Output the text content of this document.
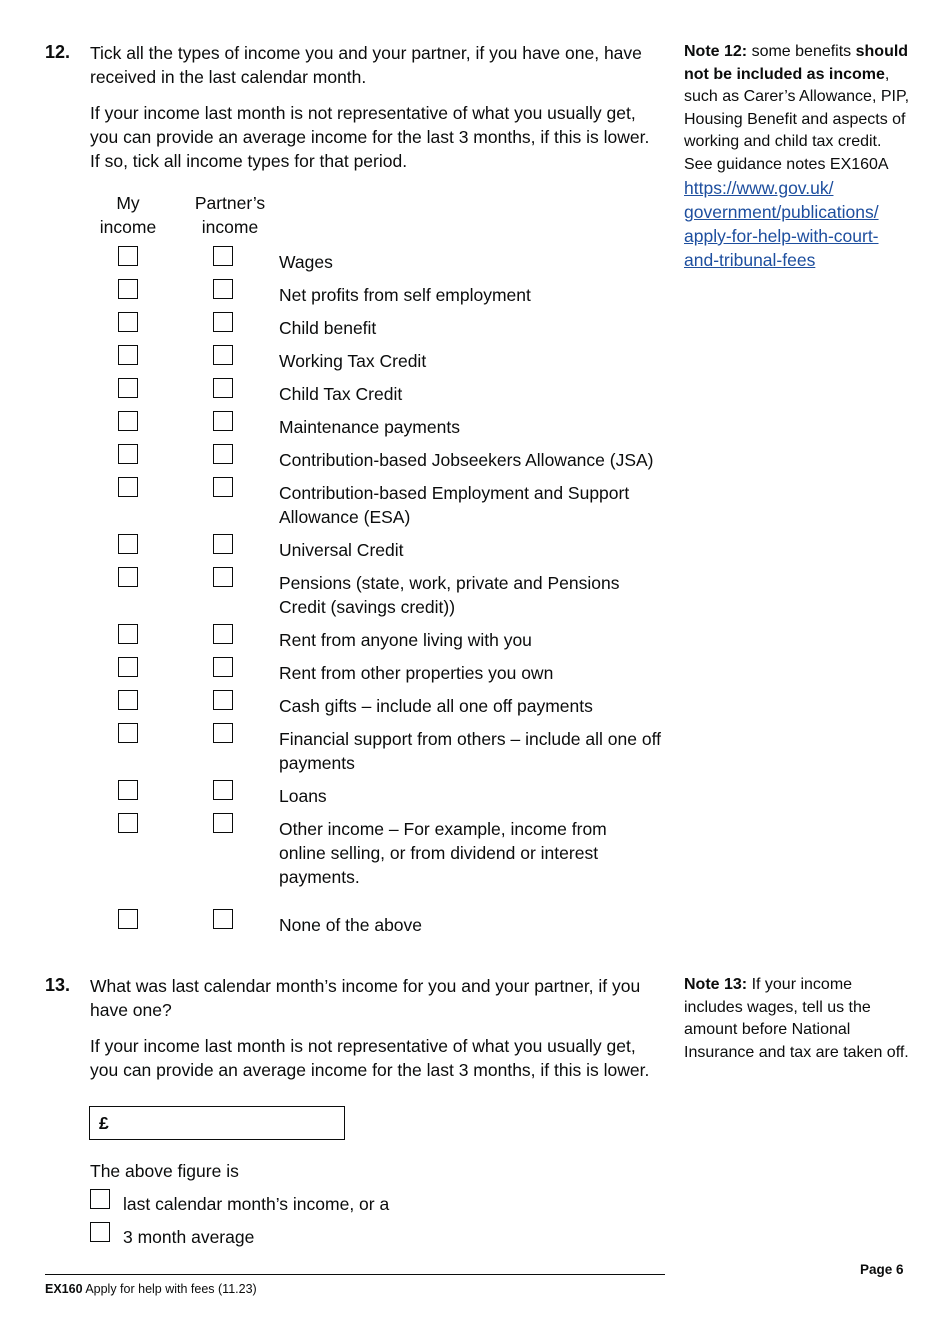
12. Tick all the types of income you and your partner, if you have one, have received in the last calendar month.

If your income last month is not representative of what you usually get, you can provide an average income for the last 3 months, if this is lower. If so, tick all income types for that period.

Note 12: some benefits should not be included as income, such as Carer’s Allowance, PIP, Housing Benefit and aspects of working and child tax credit. See guidance notes EX160A
https://www.gov.uk/
government/publications/
apply-for-help-with-court-
and-tribunal-fees
My
income
Partner’s
income
Wages
Net profits from self employment
Child benefit
Working Tax Credit
Child Tax Credit
Maintenance payments
Contribution-based Jobseekers Allowance (JSA)
Contribution-based Employment and Support Allowance (ESA)
Universal Credit
Pensions (state, work, private and Pensions Credit (savings credit))
Rent from anyone living with you
Rent from other properties you own
Cash gifts – include all one off payments
Financial support from others – include all one off payments
Loans
Other income – For example, income from online selling, or from dividend or interest payments.
None of the above
13. What was last calendar month’s income for you and your partner, if you have one?

If your income last month is not representative of what you usually get, you can provide an average income for the last 3 months, if this is lower.

Note 13: If your income includes wages, tell us the amount before National Insurance and tax are taken off.
£
The above figure is
last calendar month’s income, or a
3 month average
EX160 Apply for help with fees (11.23)
Page 6
